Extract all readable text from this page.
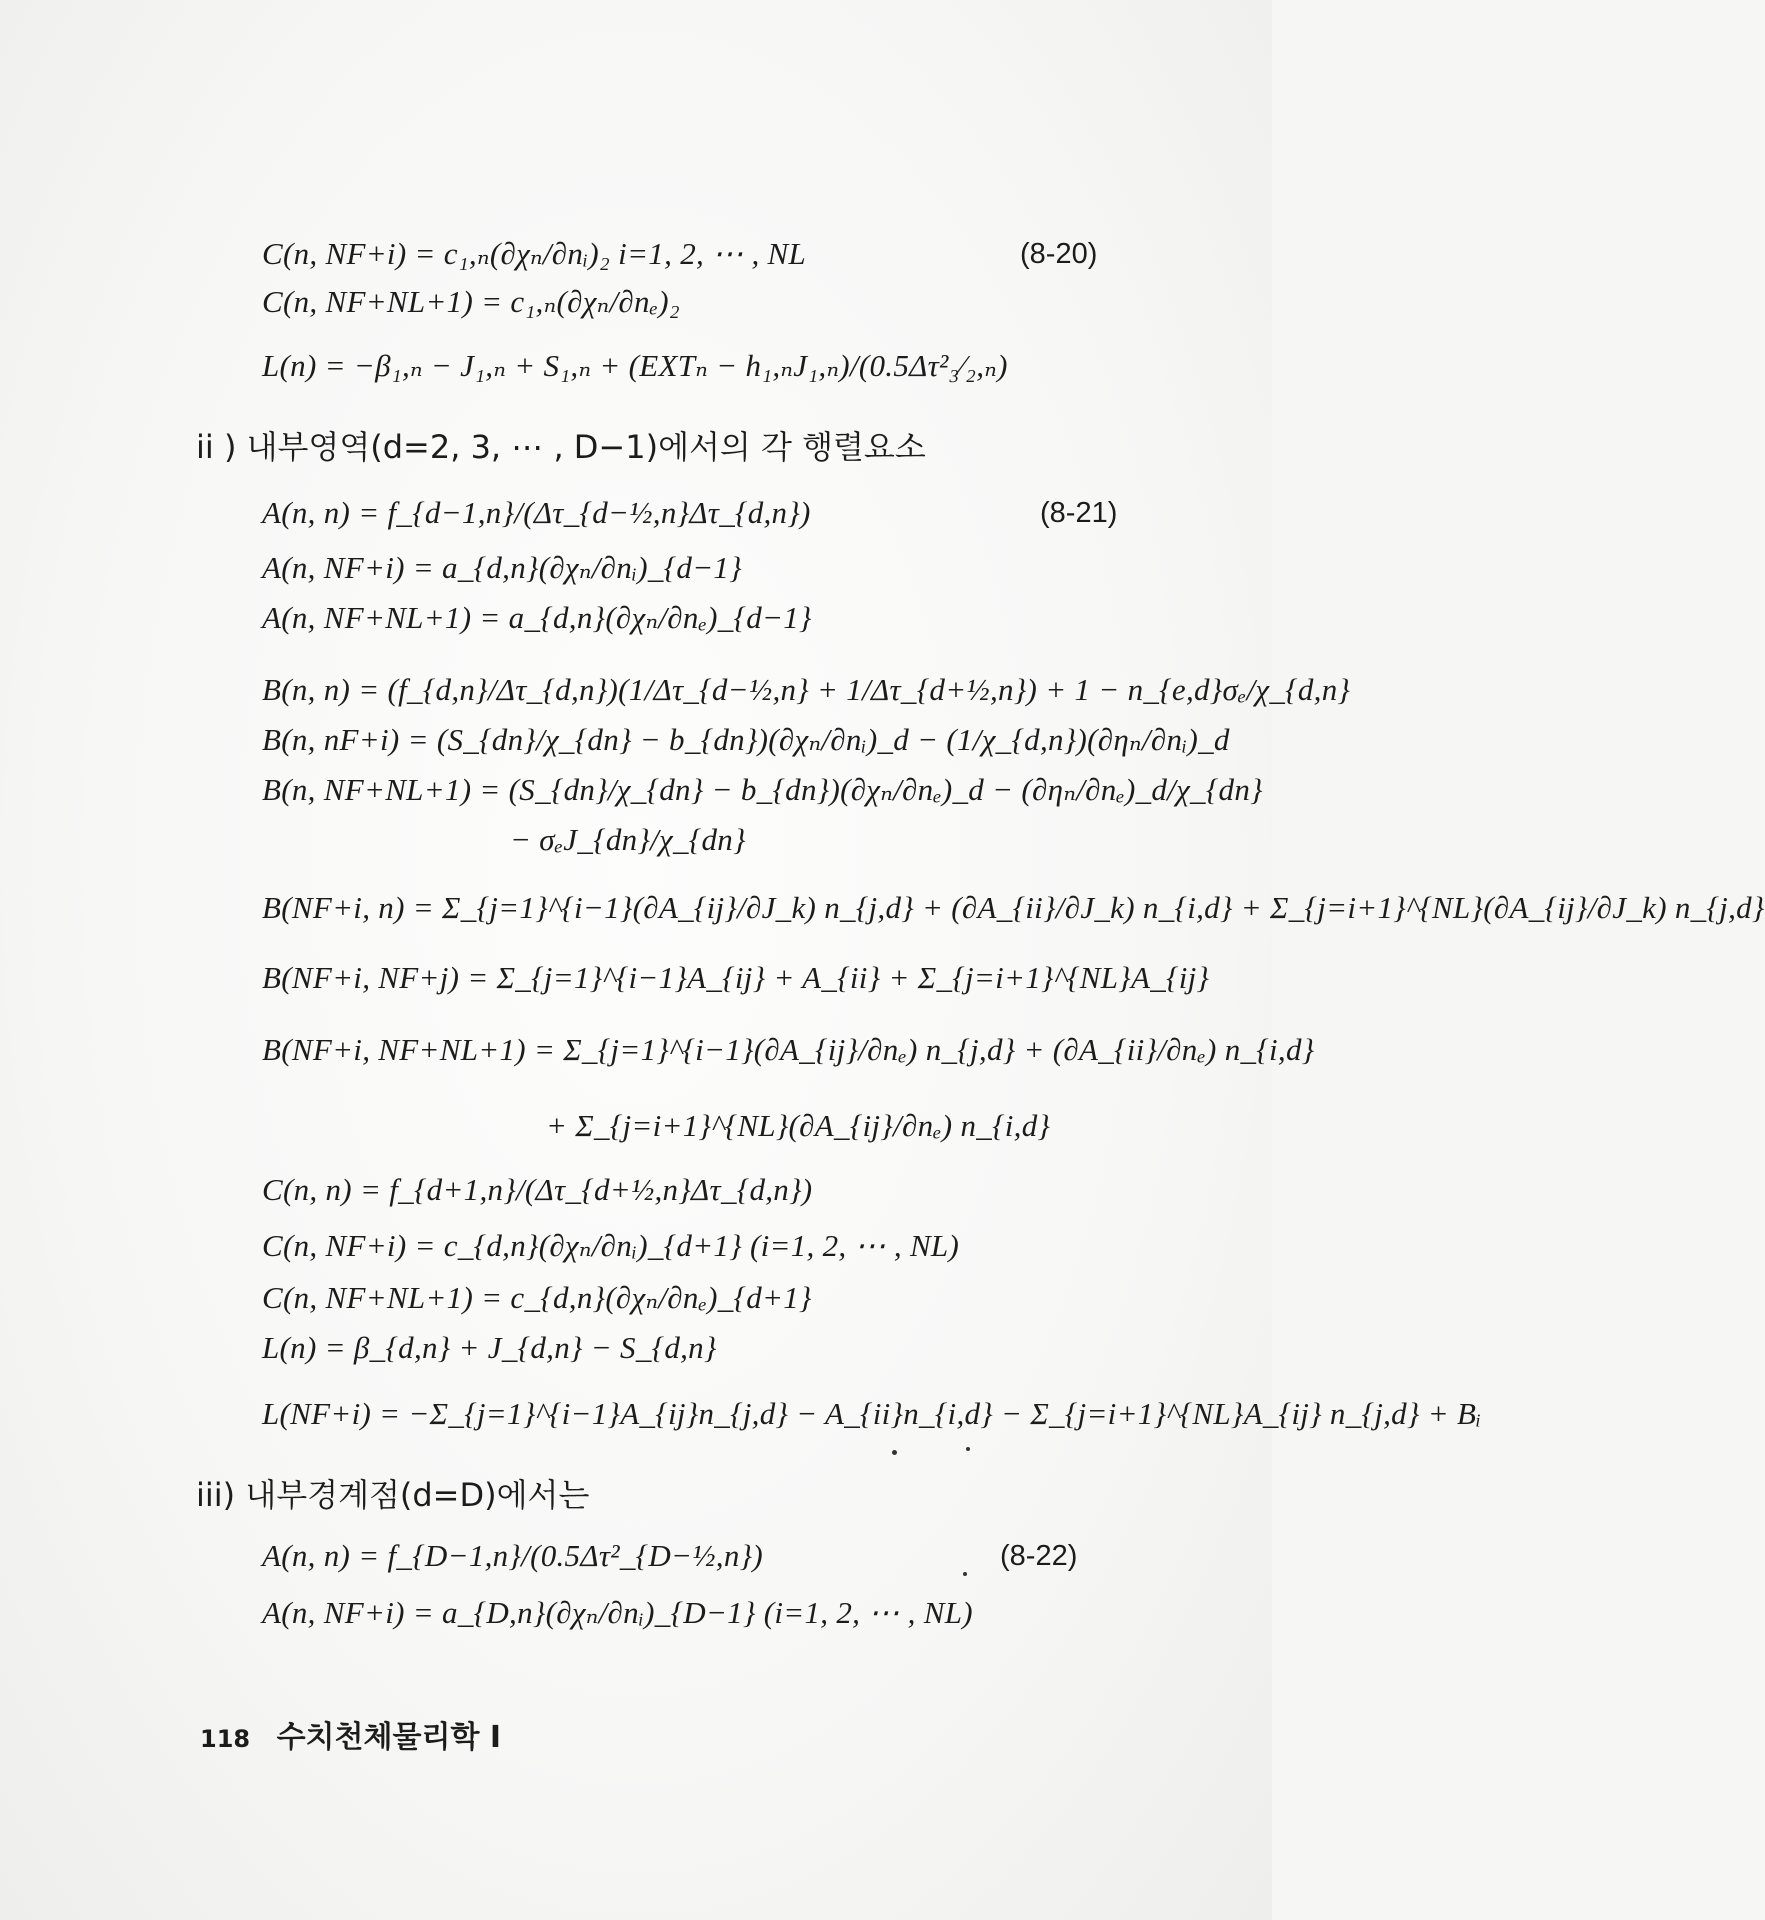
C(n, NF+i) = c₁,ₙ(∂χₙ/∂nᵢ)₂ i=1, 2, ⋯ , NL	(8-20)
C(n, NF+NL+1) = c₁,ₙ(∂χₙ/∂nₑ)₂
L(n) = −β₁,ₙ − J₁,ₙ + S₁,ₙ + (EXTₙ − h₁,ₙJ₁,ₙ)/(0.5Δτ²₃⁄₂,ₙ)
ii ) 내부영역(d=2, 3, ⋯ , D−1)에서의 각 행렬요소
A(n, n) = f_{d−1,n}/(Δτ_{d−½,n}Δτ_{d,n})	(8-21)
A(n, NF+i) = a_{d,n}(∂χₙ/∂nᵢ)_{d−1}
A(n, NF+NL+1) = a_{d,n}(∂χₙ/∂nₑ)_{d−1}
B(n, n) = (f_{d,n}/Δτ_{d,n})(1/Δτ_{d−½,n} + 1/Δτ_{d+½,n}) + 1 − n_{e,d}σₑ/χ_{d,n}
B(n, nF+i) = (S_{dn}/χ_{dn} − b_{dn})(∂χₙ/∂nᵢ)_d − (1/χ_{d,n})(∂ηₙ/∂nᵢ)_d
B(n, NF+NL+1) = (S_{dn}/χ_{dn} − b_{dn})(∂χₙ/∂nₑ)_d − (∂ηₙ/∂nₑ)_d/χ_{dn}
− σₑJ_{dn}/χ_{dn}
B(NF+i, n) = Σ_{j=1}^{i−1}(∂A_{ij}/∂J_k) n_{j,d} + (∂A_{ii}/∂J_k) n_{i,d} + Σ_{j=i+1}^{NL}(∂A_{ij}/∂J_k) n_{j,d}
B(NF+i, NF+j) = Σ_{j=1}^{i−1}A_{ij} + A_{ii} + Σ_{j=i+1}^{NL}A_{ij}
B(NF+i, NF+NL+1) = Σ_{j=1}^{i−1}(∂A_{ij}/∂nₑ) n_{j,d} + (∂A_{ii}/∂nₑ) n_{i,d}
+ Σ_{j=i+1}^{NL}(∂A_{ij}/∂nₑ) n_{i,d}
C(n, n) = f_{d+1,n}/(Δτ_{d+½,n}Δτ_{d,n})
C(n, NF+i) = c_{d,n}(∂χₙ/∂nᵢ)_{d+1} (i=1, 2, ⋯ , NL)
C(n, NF+NL+1) = c_{d,n}(∂χₙ/∂nₑ)_{d+1}
L(n) = β_{d,n} + J_{d,n} − S_{d,n}
L(NF+i) = −Σ_{j=1}^{i−1}A_{ij}n_{j,d} − A_{ii}n_{i,d} − Σ_{j=i+1}^{NL}A_{ij} n_{j,d} + Bᵢ
iii) 내부경계점(d=D)에서는
A(n, n) = f_{D−1,n}/(0.5Δτ²_{D−½,n})	(8-22)
A(n, NF+i) = a_{D,n}(∂χₙ/∂nᵢ)_{D−1} (i=1, 2, ⋯ , NL)
118 수치천체물리학 I
